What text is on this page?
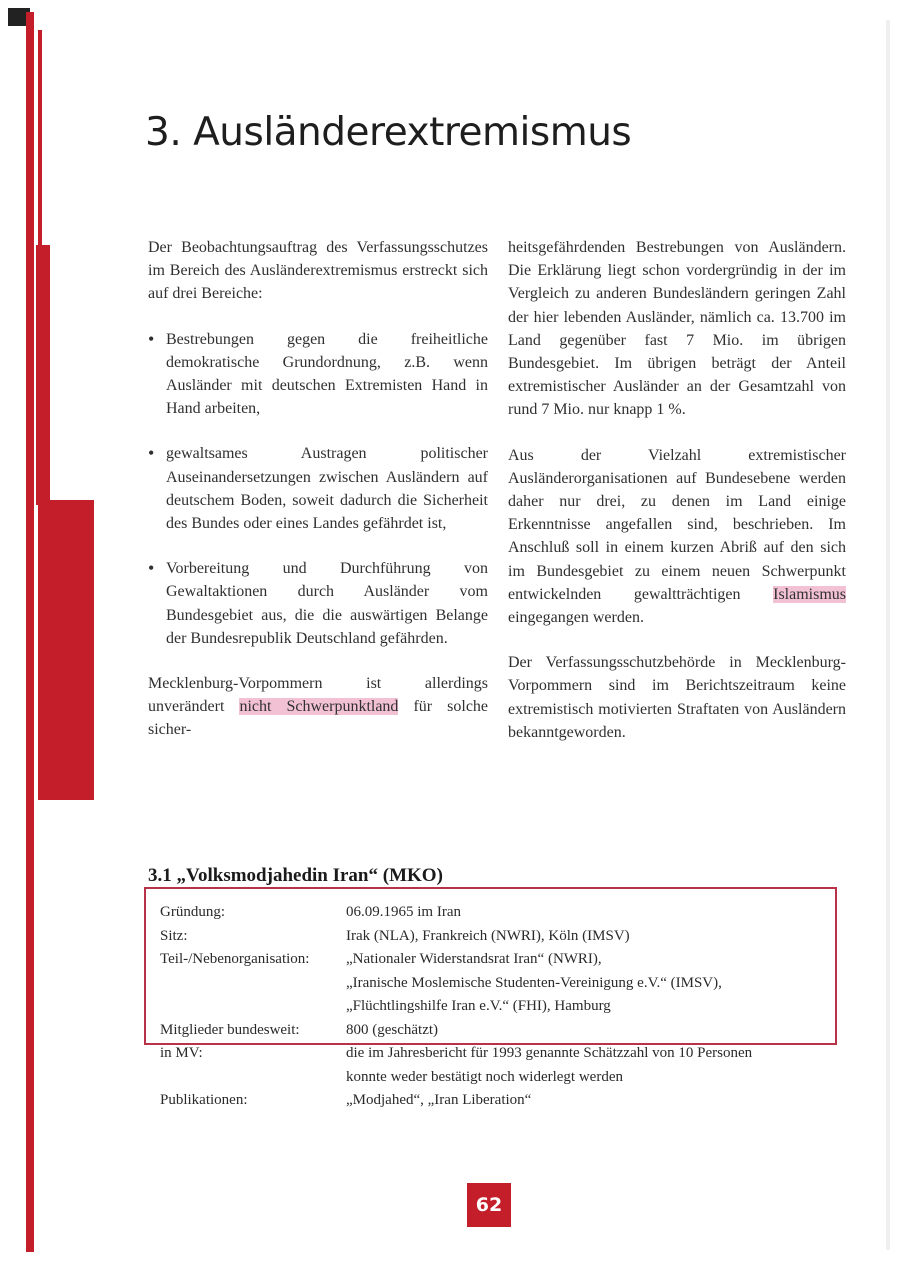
3. Ausländerextremismus

Der Beobachtungsauftrag des Verfassungsschutzes im Bereich des Ausländerextremismus erstreckt sich auf drei Bereiche:

• Bestrebungen gegen die freiheitliche demokratische Grundordnung, z.B. wenn Ausländer mit deutschen Extremisten Hand in Hand arbeiten,
• gewaltsames Austragen politischer Auseinandersetzungen zwischen Ausländern auf deutschem Boden, soweit dadurch die Sicherheit des Bundes oder eines Landes gefährdet ist,
• Vorbereitung und Durchführung von Gewaltaktionen durch Ausländer vom Bundesgebiet aus, die die auswärtigen Belange der Bundesrepublik Deutschland gefährden.

Mecklenburg-Vorpommern ist allerdings unverändert nicht Schwerpunktland für solche sicher-

heitsgefährdenden Bestrebungen von Ausländern. Die Erklärung liegt schon vordergründig in der im Vergleich zu anderen Bundesländern geringen Zahl der hier lebenden Ausländer, nämlich ca. 13.700 im Land gegenüber fast 7 Mio. im übrigen Bundesgebiet. Im übrigen beträgt der Anteil extremistischer Ausländer an der Gesamtzahl von rund 7 Mio. nur knapp 1 %.

Aus der Vielzahl extremistischer Ausländerorganisationen auf Bundesebene werden daher nur drei, zu denen im Land einige Erkenntnisse angefallen sind, beschrieben. Im Anschluß soll in einem kurzen Abriß auf den sich im Bundesgebiet zu einem neuen Schwerpunkt entwickelnden gewaltträchtigen Islamismus eingegangen werden.

Der Verfassungsschutzbehörde in Mecklenburg-Vorpommern sind im Berichtszeitraum keine extremistisch motivierten Straftaten von Ausländern bekanntgeworden.

3.1 „Volksmodjahedin Iran“ (MKO)
Gründung:	06.09.1965 im Iran
Sitz:	Irak (NLA), Frankreich (NWRI), Köln (IMSV)
Teil-/Nebenorganisation:	„Nationaler Widerstandsrat Iran“ (NWRI),
„Iranische Moslemische Studenten-Vereinigung e.V.“ (IMSV),
„Flüchtlingshilfe Iran e.V.“ (FHI), Hamburg
Mitglieder bundesweit:	800 (geschätzt)
in MV:	die im Jahresbericht für 1993 genannte Schätzzahl von 10 Personen
konnte weder bestätigt noch widerlegt werden
Publikationen:	„Modjahed“, „Iran Liberation“
62
